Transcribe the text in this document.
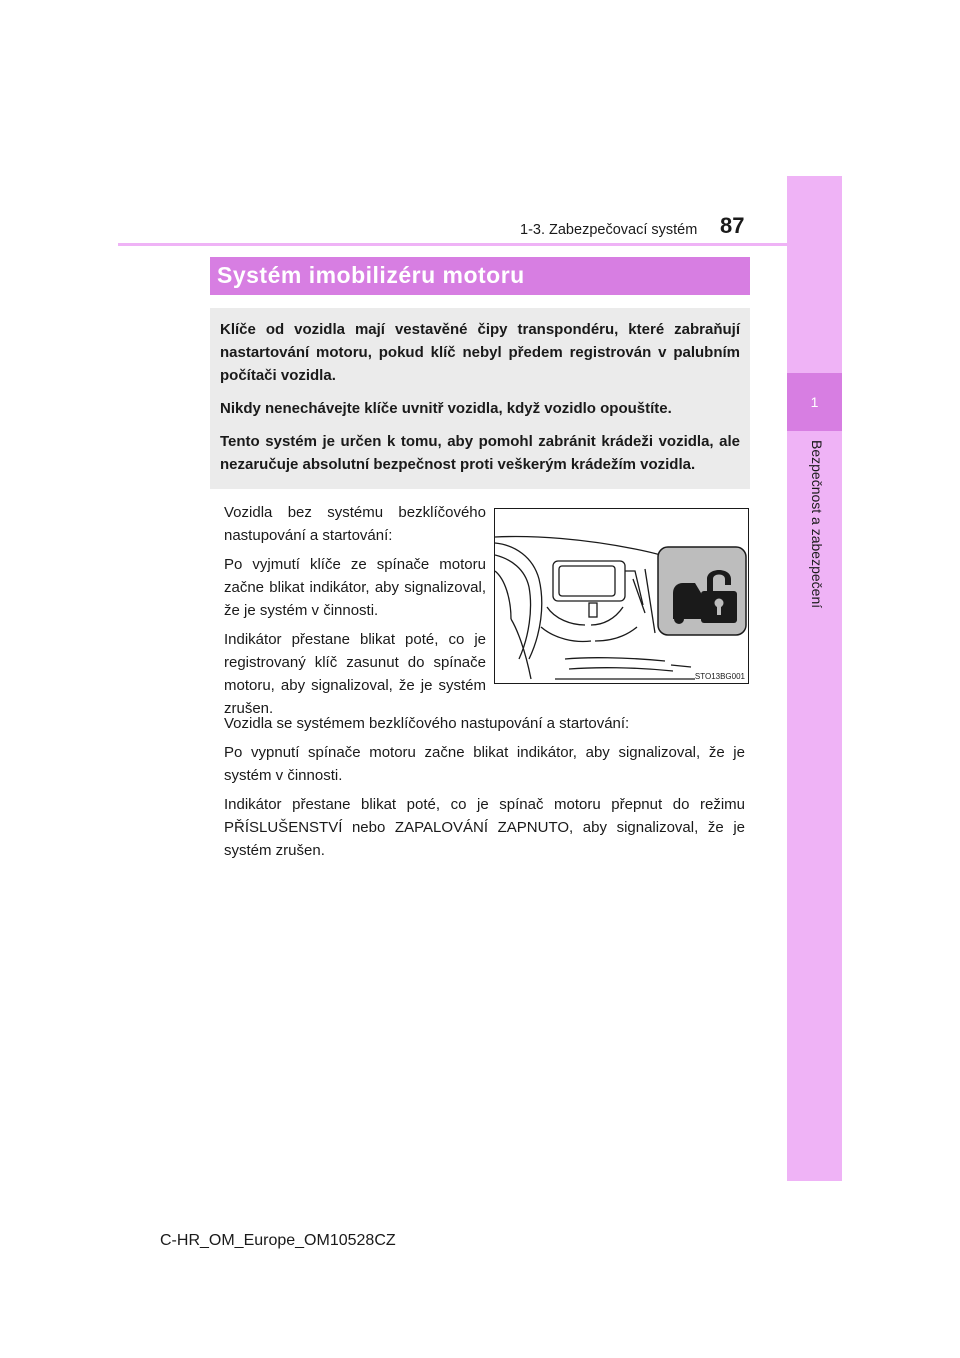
1
Bezpečnost a zabezpečení
1-3. Zabezpečovací systém 87
Systém imobilizéru motoru

Klíče od vozidla mají vestavěné čipy transpondéru, které zabraňují nastartování motoru, pokud klíč nebyl předem registrován v palubním počítači vozidla.

Nikdy nenechávejte klíče uvnitř vozidla, když vozidlo opouštíte.

Tento systém je určen k tomu, aby pomohl zabránit krádeži vozidla, ale nezaručuje absolutní bezpečnost proti veškerým krádežím vozidla.

Vozidla bez systému bezklíčového nastupování a startování:

Po vyjmutí klíče ze spínače motoru začne blikat indikátor, aby signalizoval, že je systém v činnosti.

Indikátor přestane blikat poté, co je registrovaný klíč zasunut do spínače motoru, aby signalizoval, že je systém zrušen.

STO13BG001

Vozidla se systémem bezklíčového nastupování a startování:

Po vypnutí spínače motoru začne blikat indikátor, aby signalizoval, že je systém v činnosti.

Indikátor přestane blikat poté, co je spínač motoru přepnut do režimu PŘÍSLUŠENSTVÍ nebo ZAPALOVÁNÍ ZAPNUTO, aby signalizoval, že je systém zrušen.

C-HR_OM_Europe_OM10528CZ
